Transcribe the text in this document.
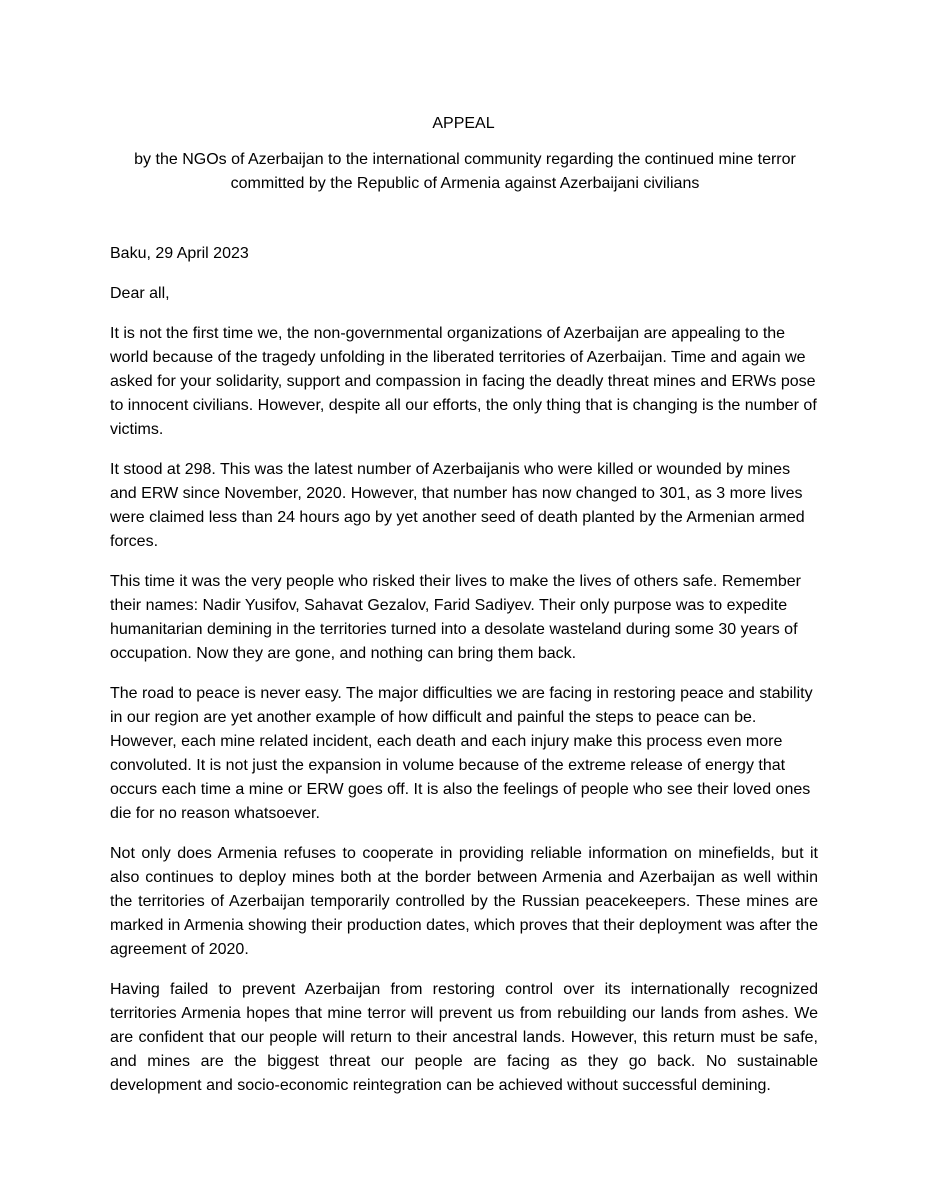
APPEAL
by the NGOs of Azerbaijan to the international community regarding the continued mine terror committed by the Republic of Armenia against Azerbaijani civilians

Baku, 29 April 2023

Dear all,

It is not the first time we, the non-governmental organizations of Azerbaijan are appealing to the world because of the tragedy unfolding in the liberated territories of Azerbaijan. Time and again we asked for your solidarity, support and compassion in facing the deadly threat mines and ERWs pose to innocent civilians. However, despite all our efforts, the only thing that is changing is the number of victims.

It stood at 298. This was the latest number of Azerbaijanis who were killed or wounded by mines and ERW since November, 2020. However, that number has now changed to 301, as 3 more lives were claimed less than 24 hours ago by yet another seed of death planted by the Armenian armed forces.

This time it was the very people who risked their lives to make the lives of others safe. Remember their names: Nadir Yusifov, Sahavat Gezalov, Farid Sadiyev. Their only purpose was to expedite humanitarian demining in the territories turned into a desolate wasteland during some 30 years of occupation. Now they are gone, and nothing can bring them back.

The road to peace is never easy. The major difficulties we are facing in restoring peace and stability in our region are yet another example of how difficult and painful the steps to peace can be. However, each mine related incident, each death and each injury make this process even more convoluted. It is not just the expansion in volume because of the extreme release of energy that occurs each time a mine or ERW goes off. It is also the feelings of people who see their loved ones die for no reason whatsoever.

Not only does Armenia refuses to cooperate in providing reliable information on minefields, but it also continues to deploy mines both at the border between Armenia and Azerbaijan as well within the territories of Azerbaijan temporarily controlled by the Russian peacekeepers. These mines are marked in Armenia showing their production dates, which proves that their deployment was after the agreement of 2020.

Having failed to prevent Azerbaijan from restoring control over its internationally recognized territories Armenia hopes that mine terror will prevent us from rebuilding our lands from ashes. We are confident that our people will return to their ancestral lands. However, this return must be safe, and mines are the biggest threat our people are facing as they go back. No sustainable development and socio-economic reintegration can be achieved without successful demining.
